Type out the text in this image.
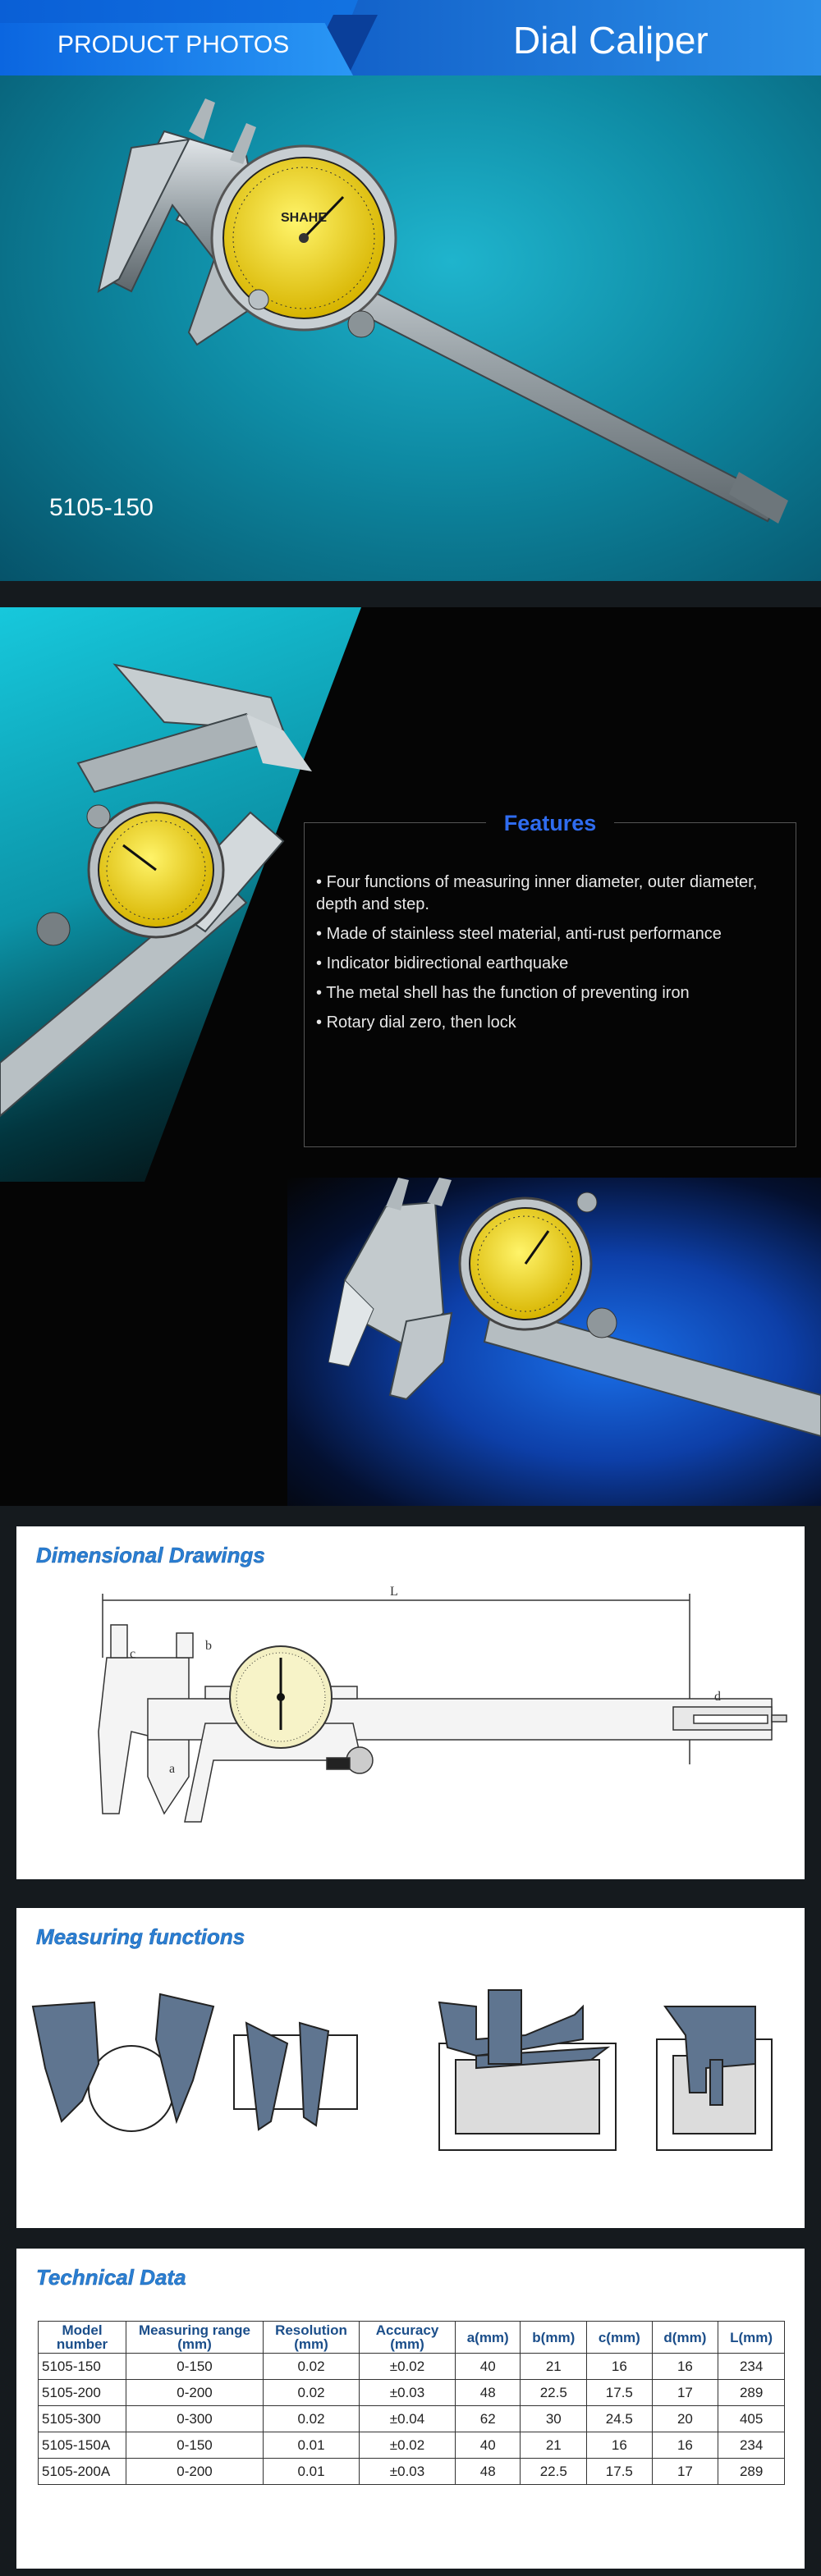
PRODUCT PHOTOS	Dial Caliper
SHAHE
5105-150
Features
• Four functions of measuring inner diameter, outer diameter, depth and step.
• Made of stainless steel material, anti-rust performance
• Indicator bidirectional earthquake
• The metal shell has the function of preventing iron
• Rotary dial zero, then lock
Dimensional Drawings
L
c
b
a
d
Measuring functions
Technical Data
Model number	Measuring range (mm)	Resolution (mm)	Accuracy (mm)	a(mm)	b(mm)	c(mm)	d(mm)	L(mm)
5105-150	0-150	0.02	±0.02	40	21	16	16	234
5105-200	0-200	0.02	±0.03	48	22.5	17.5	17	289
5105-300	0-300	0.02	±0.04	62	30	24.5	20	405
5105-150A	0-150	0.01	±0.02	40	21	16	16	234
5105-200A	0-200	0.01	±0.03	48	22.5	17.5	17	289
